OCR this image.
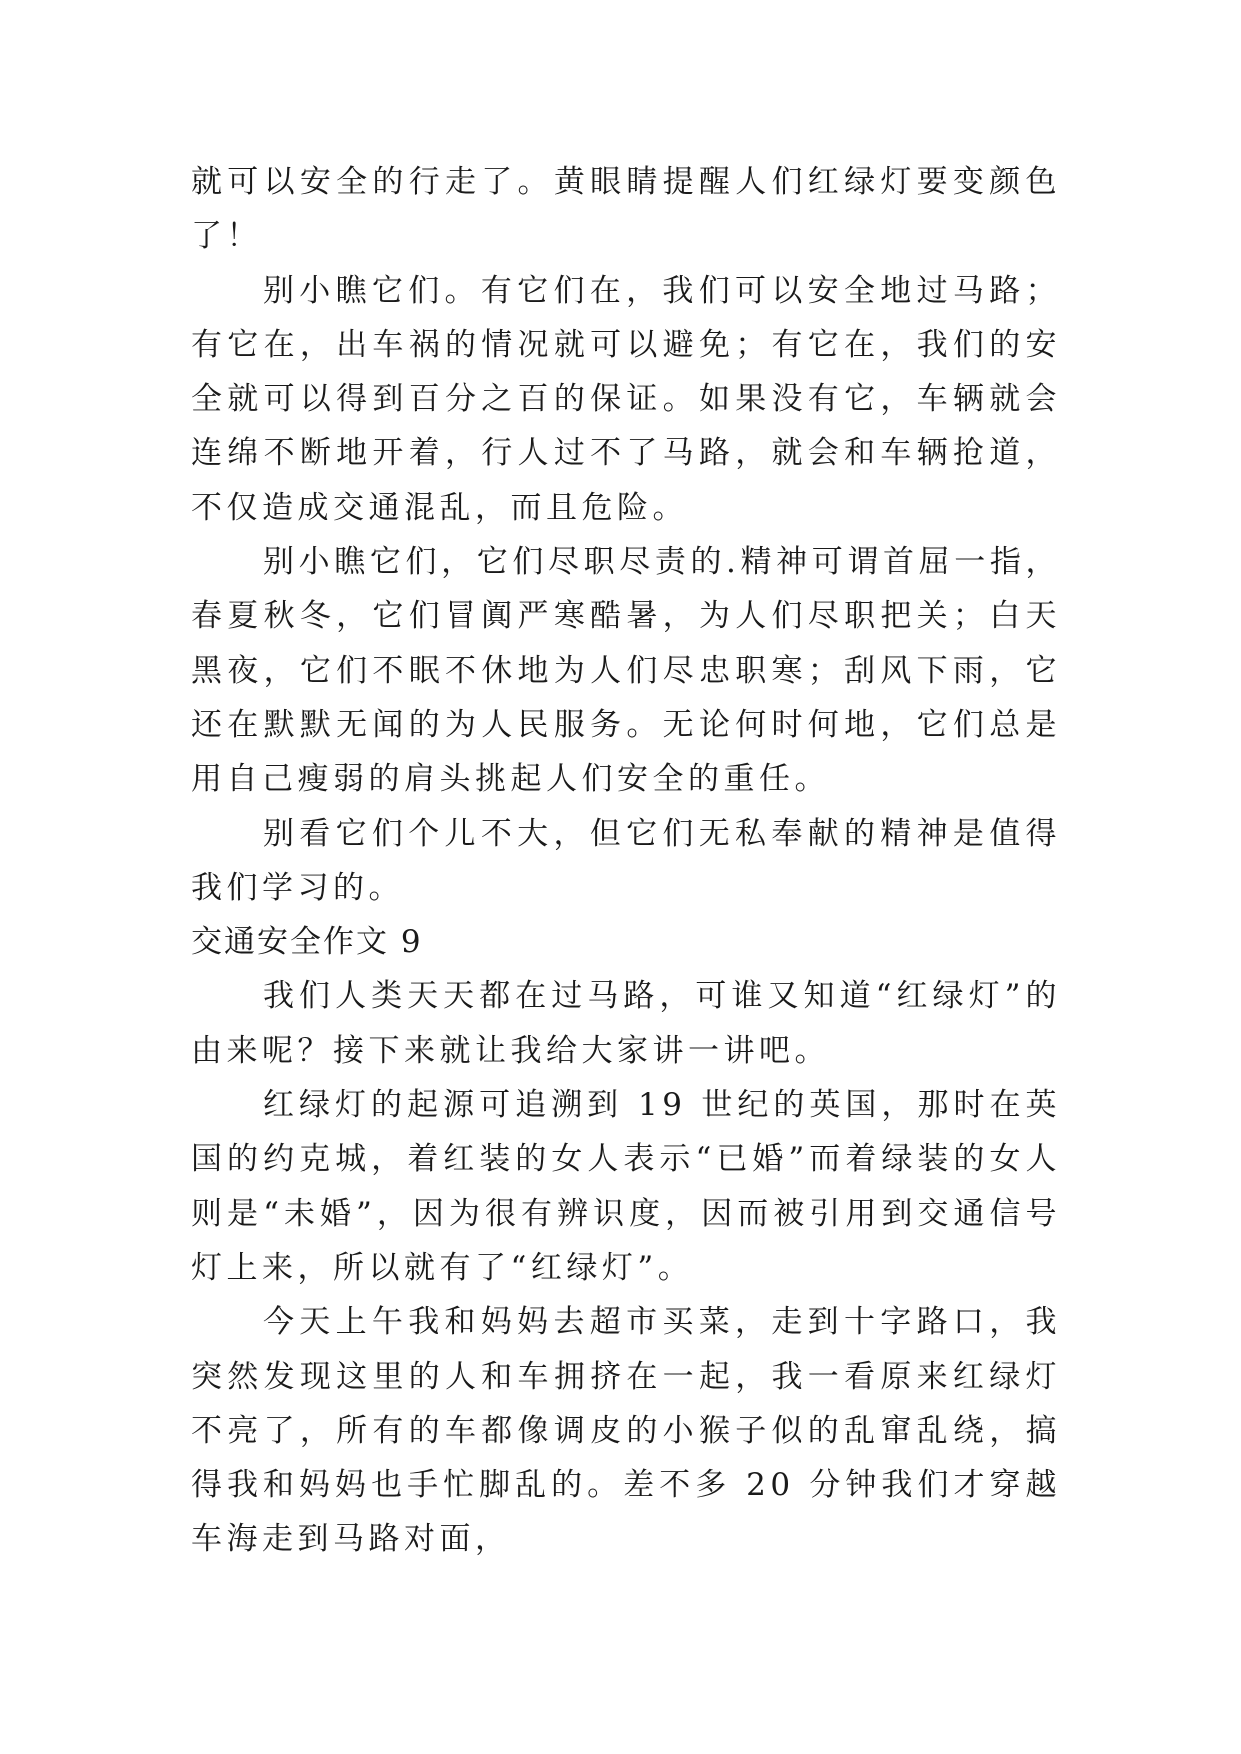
就可以安全的行走了。黄眼睛提醒人们红绿灯要变颜色了！

别小瞧它们。有它们在，我们可以安全地过马路；有它在，出车祸的情况就可以避免；有它在，我们的安全就可以得到百分之百的保证。如果没有它，车辆就会连绵不断地开着，行人过不了马路，就会和车辆抢道，不仅造成交通混乱，而且危险。

别小瞧它们，它们尽职尽责的.精神可谓首屈一指，春夏秋冬，它们冒阗严寒酷暑，为人们尽职把关；白天黑夜，它们不眠不休地为人们尽忠职寒；刮风下雨，它还在默默无闻的为人民服务。无论何时何地，它们总是用自己瘦弱的肩头挑起人们安全的重任。

别看它们个儿不大，但它们无私奉献的精神是值得我们学习的。

交通安全作文 9

我们人类天天都在过马路，可谁又知道“红绿灯”的由来呢？接下来就让我给大家讲一讲吧。

红绿灯的起源可追溯到 19 世纪的英国，那时在英国的约克城，着红装的女人表示“已婚”而着绿装的女人则是“未婚”，因为很有辨识度，因而被引用到交通信号灯上来，所以就有了“红绿灯”。

今天上午我和妈妈去超市买菜，走到十字路口，我突然发现这里的人和车拥挤在一起，我一看原来红绿灯不亮了，所有的车都像调皮的小猴子似的乱窜乱绕，搞得我和妈妈也手忙脚乱的。差不多 20 分钟我们才穿越车海走到马路对面，
